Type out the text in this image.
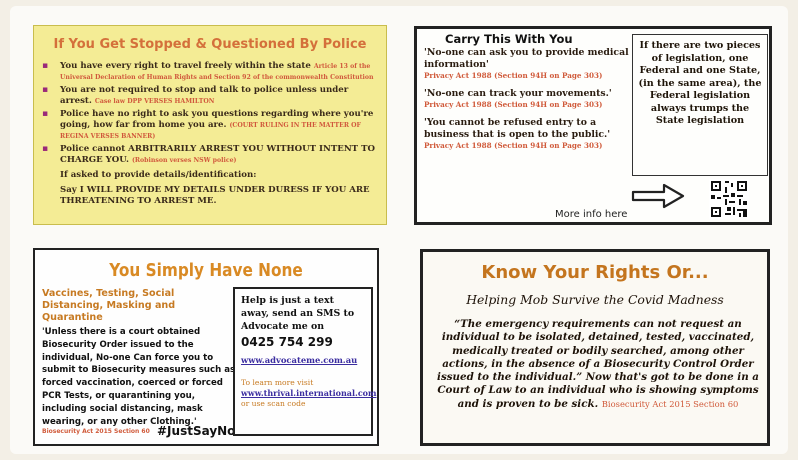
If You Get Stopped & Questioned By Police
▪ You have every right to travel freely within the state Article 13 of the Universal Declaration of Human Rights and Section 92 of the commonwealth Constitution
▪ You are not required to stop and talk to police unless under arrest. Case law DPP VERSES HAMILTON
▪ Police have no right to ask you questions regarding where you're going, how far from home you are. (COURT RULING IN THE MATTER OF REGINA VERSES BANNER)
▪ Police cannot ARBITRARILY ARREST YOU WITHOUT INTENT TO CHARGE YOU. (Robinson verses NSW police)
If asked to provide details/identification:
Say I WILL PROVIDE MY DETAILS UNDER DURESS IF YOU ARE THREATENING TO ARREST ME.
Carry This With You
'No-one can ask you to provide medical information'
Privacy Act 1988 (Section 94H on Page 303)
'No-one can track your movements.'
Privacy Act 1988 (Section 94H on Page 303)
'You cannot be refused entry to a business that is open to the public.'
Privacy Act 1988 (Section 94H on Page 303)
If there are two pieces of legislation, one Federal and one State, (in the same area), the Federal legislation always trumps the State legislation
More info here
You Simply Have None
Vaccines, Testing, Social Distancing, Masking and Quarantine
'Unless there is a court obtained Biosecurity Order issued to the individual, No-one Can force you to submit to Biosecurity measures such as forced vaccination, coerced or forced PCR Tests, or quarantining you, including social distancing, mask wearing, or any other Clothing.'
Biosecurity Act 2015 Section 60 #JustSayNo
Help is just a text away, send an SMS to Advocate me on
0425 754 299
www.advocateme.com.au
To learn more visit
www.thrival.international.com
or use scan code
Know Your Rights Or...
Helping Mob Survive the Covid Madness
“The emergency requirements can not request an individual to be isolated, detained, tested, vaccinated, medically treated or bodily searched, among other actions, in the absence of a Biosecurity Control Order issued to the individual.” Now that's got to be done in a Court of Law to an individual who is showing symptoms and is proven to be sick. Biosecurity Act 2015 Section 60
